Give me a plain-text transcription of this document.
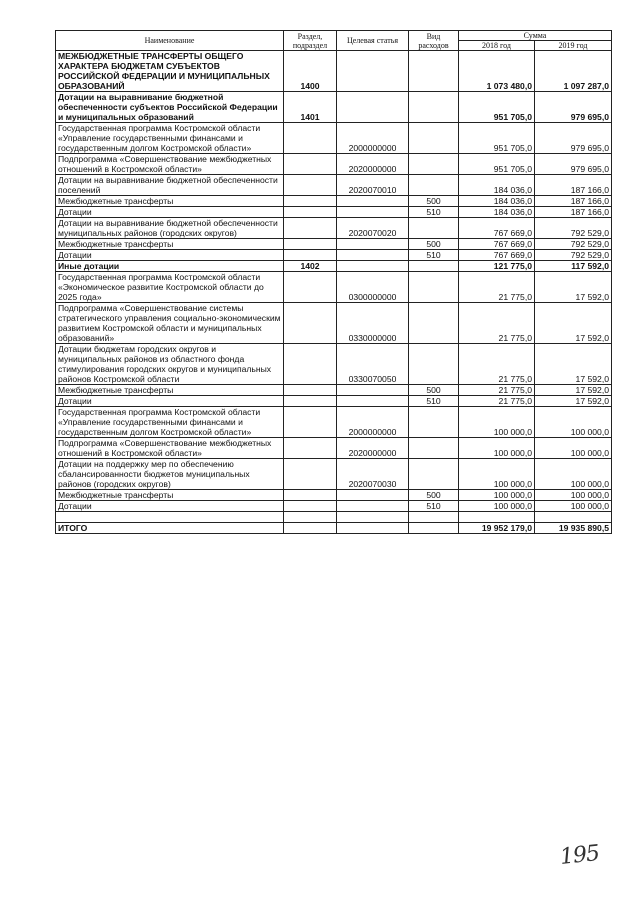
Наименование	Раздел, подраздел	Целевая статья	Вид расходов	Сумма	
				2018 год	2019 год
МЕЖБЮДЖЕТНЫЕ ТРАНСФЕРТЫ ОБЩЕГО ХАРАКТЕРА БЮДЖЕТАМ СУБЪЕКТОВ РОССИЙСКОЙ ФЕДЕРАЦИИ И МУНИЦИПАЛЬНЫХ ОБРАЗОВАНИЙ	1400			1 073 480,0	1 097 287,0
Дотации на выравнивание бюджетной обеспеченности субъектов Российской Федерации и муниципальных образований	1401			951 705,0	979 695,0
Государственная программа Костромской области «Управление государственными финансами и государственным долгом Костромской области»		2000000000		951 705,0	979 695,0
Подпрограмма «Совершенствование межбюджетных отношений в Костромской области»		2020000000		951 705,0	979 695,0
Дотации на выравнивание бюджетной обеспеченности поселений		2020070010		184 036,0	187 166,0
Межбюджетные трансферты			500	184 036,0	187 166,0
Дотации			510	184 036,0	187 166,0
Дотации на выравнивание бюджетной обеспеченности муниципальных районов (городских округов)		2020070020		767 669,0	792 529,0
Межбюджетные трансферты			500	767 669,0	792 529,0
Дотации			510	767 669,0	792 529,0
Иные дотации	1402			121 775,0	117 592,0
Государственная программа Костромской области «Экономическое развитие Костромской области до 2025 года»		0300000000		21 775,0	17 592,0
Подпрограмма «Совершенствование системы стратегического управления социально-экономическим развитием Костромской области и муниципальных образований»		0330000000		21 775,0	17 592,0
Дотации бюджетам городских округов и муниципальных районов из областного фонда стимулирования городских округов и муниципальных районов Костромской области		0330070050		21 775,0	17 592,0
Межбюджетные трансферты			500	21 775,0	17 592,0
Дотации			510	21 775,0	17 592,0
Государственная программа Костромской области «Управление государственными финансами и государственным долгом Костромской области»		2000000000		100 000,0	100 000,0
Подпрограмма «Совершенствование межбюджетных отношений в Костромской области»		2020000000		100 000,0	100 000,0
Дотации на поддержку мер по обеспечению сбалансированности бюджетов муниципальных районов (городских округов)		2020070030		100 000,0	100 000,0
Межбюджетные трансферты			500	100 000,0	100 000,0
Дотации			510	100 000,0	100 000,0

ИТОГО				19 952 179,0	19 935 890,5
195
